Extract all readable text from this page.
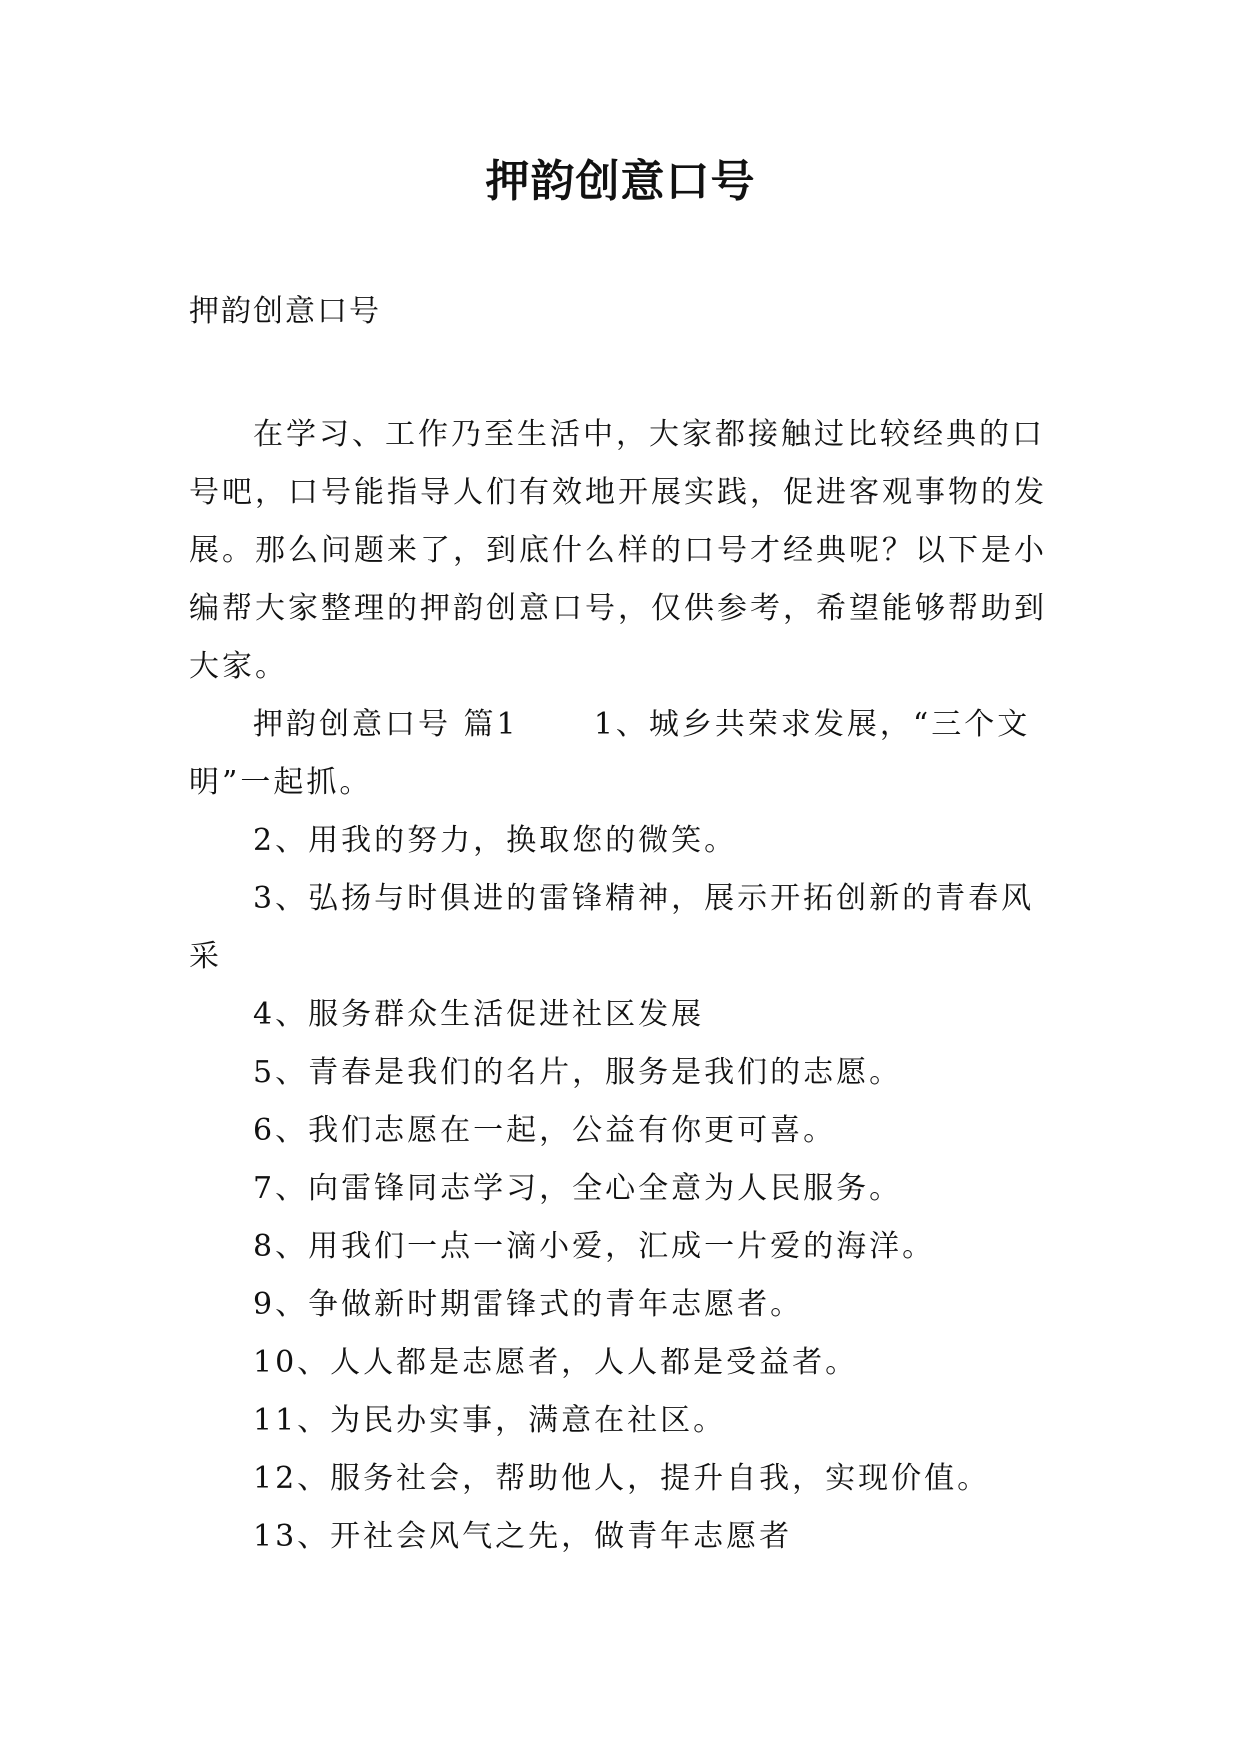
押韵创意口号
押韵创意口号

在学习、工作乃至生活中，大家都接触过比较经典的口号吧，口号能指导人们有效地开展实践，促进客观事物的发展。那么问题来了，到底什么样的口号才经典呢？以下是小编帮大家整理的押韵创意口号，仅供参考，希望能够帮助到大家。

押韵创意口号 篇1	1、城乡共荣求发展，“三个文明”一起抓。

2、用我的努力，换取您的微笑。

3、弘扬与时俱进的雷锋精神，展示开拓创新的青春风采

4、服务群众生活促进社区发展

5、青春是我们的名片，服务是我们的志愿。

6、我们志愿在一起，公益有你更可喜。

7、向雷锋同志学习，全心全意为人民服务。

8、用我们一点一滴小爱，汇成一片爱的海洋。

9、争做新时期雷锋式的青年志愿者。

10、人人都是志愿者，人人都是受益者。

11、为民办实事，满意在社区。

12、服务社会，帮助他人，提升自我，实现价值。

13、开社会风气之先，做青年志愿者
